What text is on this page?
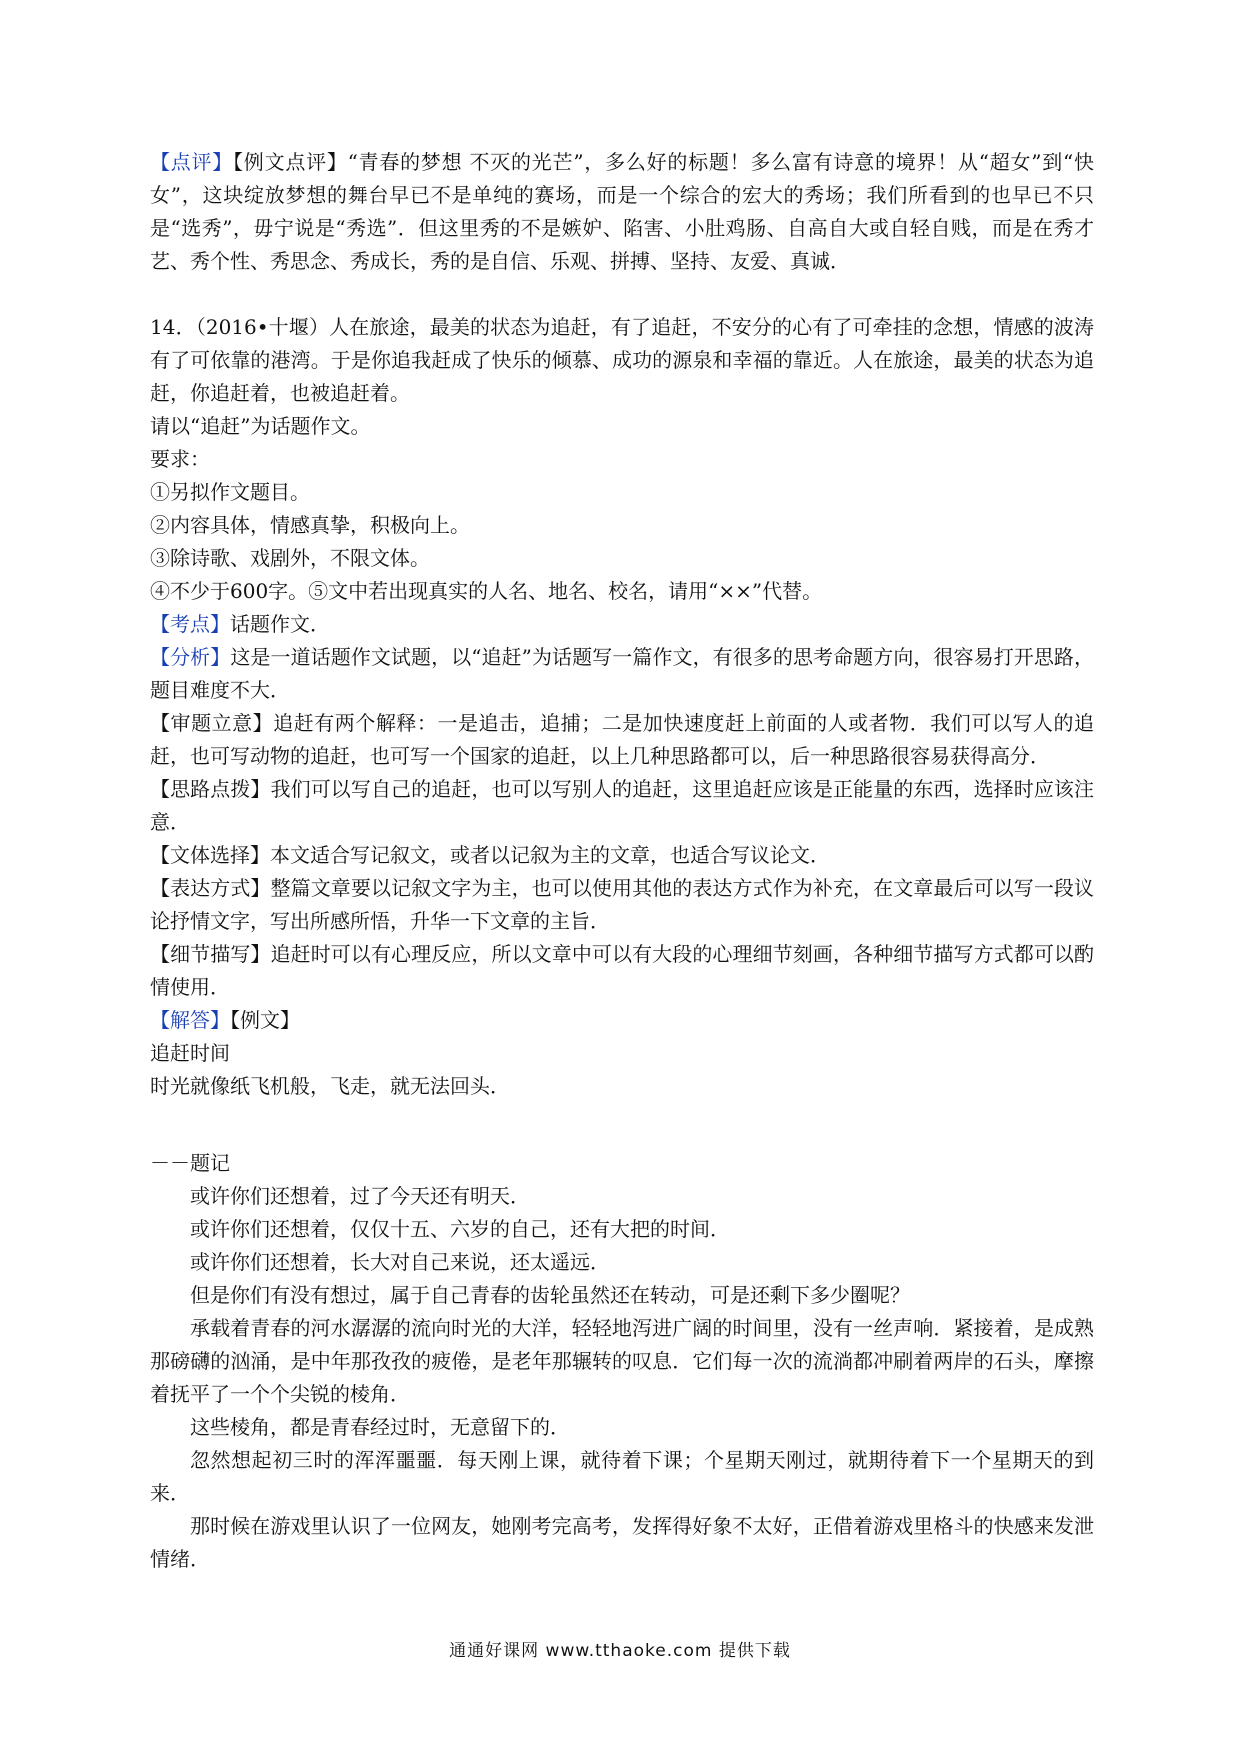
【点评】【例文点评】“青春的梦想 不灭的光芒”，多么好的标题！多么富有诗意的境界！从“超女”到“快女”，这块绽放梦想的舞台早已不是单纯的赛场，而是一个综合的宏大的秀场；我们所看到的也早已不只是“选秀”，毋宁说是“秀选”．但这里秀的不是嫉妒、陷害、小肚鸡肠、自高自大或自轻自贱，而是在秀才艺、秀个性、秀思念、秀成长，秀的是自信、乐观、拼搏、坚持、友爱、真诚．

14．（2016•十堰）人在旅途，最美的状态为追赶，有了追赶，不安分的心有了可牵挂的念想，情感的波涛有了可依靠的港湾。于是你追我赶成了快乐的倾慕、成功的源泉和幸福的靠近。人在旅途，最美的状态为追赶，你追赶着，也被追赶着。

请以“追赶”为话题作文。

要求：

①另拟作文题目。

②内容具体，情感真挚，积极向上。

③除诗歌、戏剧外，不限文体。

④不少于600字。⑤文中若出现真实的人名、地名、校名，请用“××”代替。

【考点】话题作文．

【分析】这是一道话题作文试题，以“追赶”为话题写一篇作文，有很多的思考命题方向，很容易打开思路，题目难度不大．

【审题立意】追赶有两个解释：一是追击，追捕；二是加快速度赶上前面的人或者物．我们可以写人的追赶，也可写动物的追赶，也可写一个国家的追赶，以上几种思路都可以，后一种思路很容易获得高分．

【思路点拨】我们可以写自己的追赶，也可以写别人的追赶，这里追赶应该是正能量的东西，选择时应该注意．

【文体选择】本文适合写记叙文，或者以记叙为主的文章，也适合写议论文．

【表达方式】整篇文章要以记叙文字为主，也可以使用其他的表达方式作为补充，在文章最后可以写一段议论抒情文字，写出所感所悟，升华一下文章的主旨．

【细节描写】追赶时可以有心理反应，所以文章中可以有大段的心理细节刻画，各种细节描写方式都可以酌情使用．

【解答】【例文】

追赶时间

时光就像纸飞机般，飞走，就无法回头．

－－题记

或许你们还想着，过了今天还有明天．

或许你们还想着，仅仅十五、六岁的自己，还有大把的时间．

或许你们还想着，长大对自己来说，还太遥远．

但是你们有没有想过，属于自己青春的齿轮虽然还在转动，可是还剩下多少圈呢？

承载着青春的河水潺潺的流向时光的大洋，轻轻地泻进广阔的时间里，没有一丝声响．紧接着，是成熟那磅礴的汹涌，是中年那孜孜的疲倦，是老年那辗转的叹息．它们每一次的流淌都冲刷着两岸的石头，摩擦着抚平了一个个尖锐的棱角．

这些棱角，都是青春经过时，无意留下的．

忽然想起初三时的浑浑噩噩．每天刚上课，就待着下课；个星期天刚过，就期待着下一个星期天的到来．

那时候在游戏里认识了一位网友，她刚考完高考，发挥得好象不太好，正借着游戏里格斗的快感来发泄情绪．

通通好课网 www.tthaoke.com 提供下载
